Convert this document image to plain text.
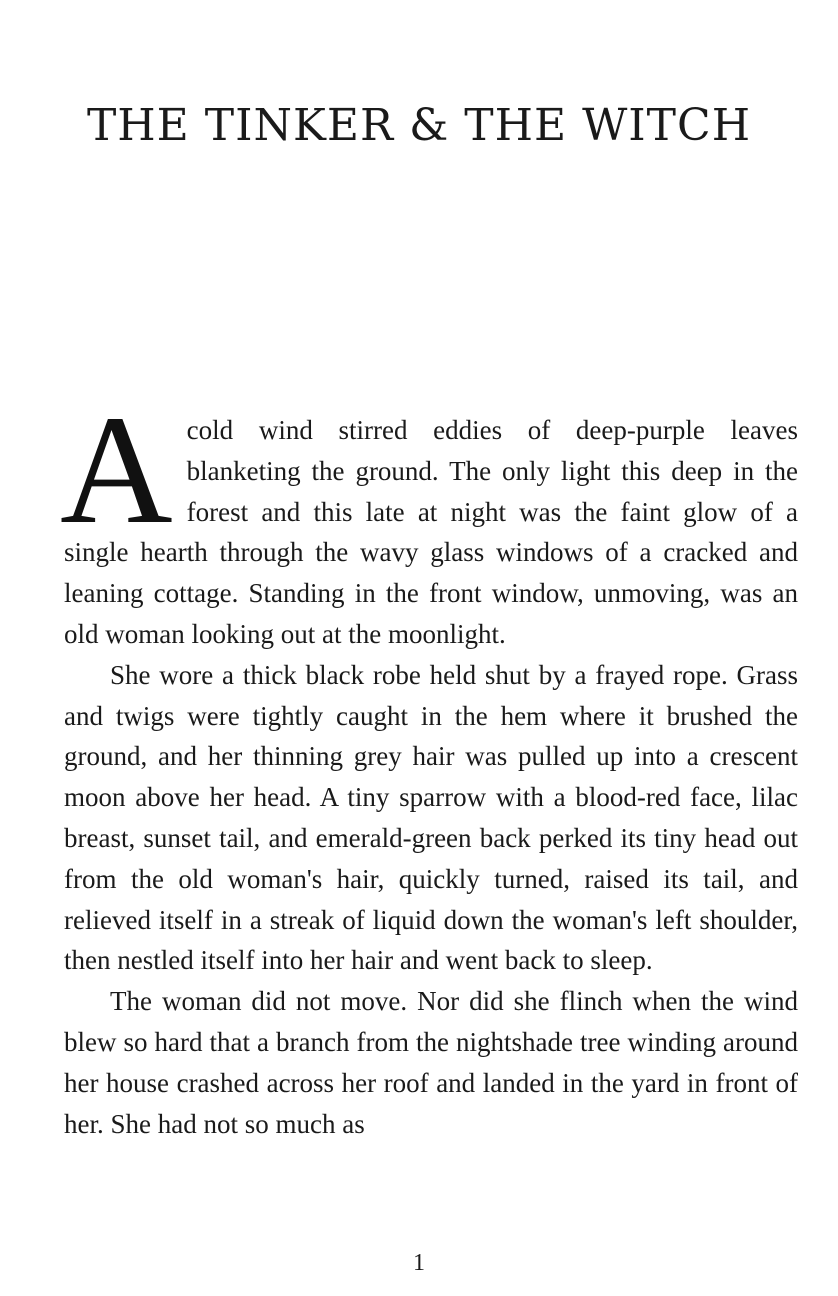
THE TINKER & THE WITCH

Acold wind stirred eddies of deep-purple leaves blanketing the ground. The only light this deep in the forest and this late at night was the faint glow of a single hearth through the wavy glass windows of a cracked and leaning cottage. Standing in the front window, unmoving, was an old woman looking out at the moonlight.

She wore a thick black robe held shut by a frayed rope. Grass and twigs were tightly caught in the hem where it brushed the ground, and her thinning grey hair was pulled up into a crescent moon above her head. A tiny sparrow with a blood-red face, lilac breast, sunset tail, and emerald-green back perked its tiny head out from the old woman's hair, quickly turned, raised its tail, and relieved itself in a streak of liquid down the woman's left shoulder, then nestled itself into her hair and went back to sleep.

The woman did not move. Nor did she flinch when the wind blew so hard that a branch from the nightshade tree winding around her house crashed across her roof and landed in the yard in front of her. She had not so much as

1
